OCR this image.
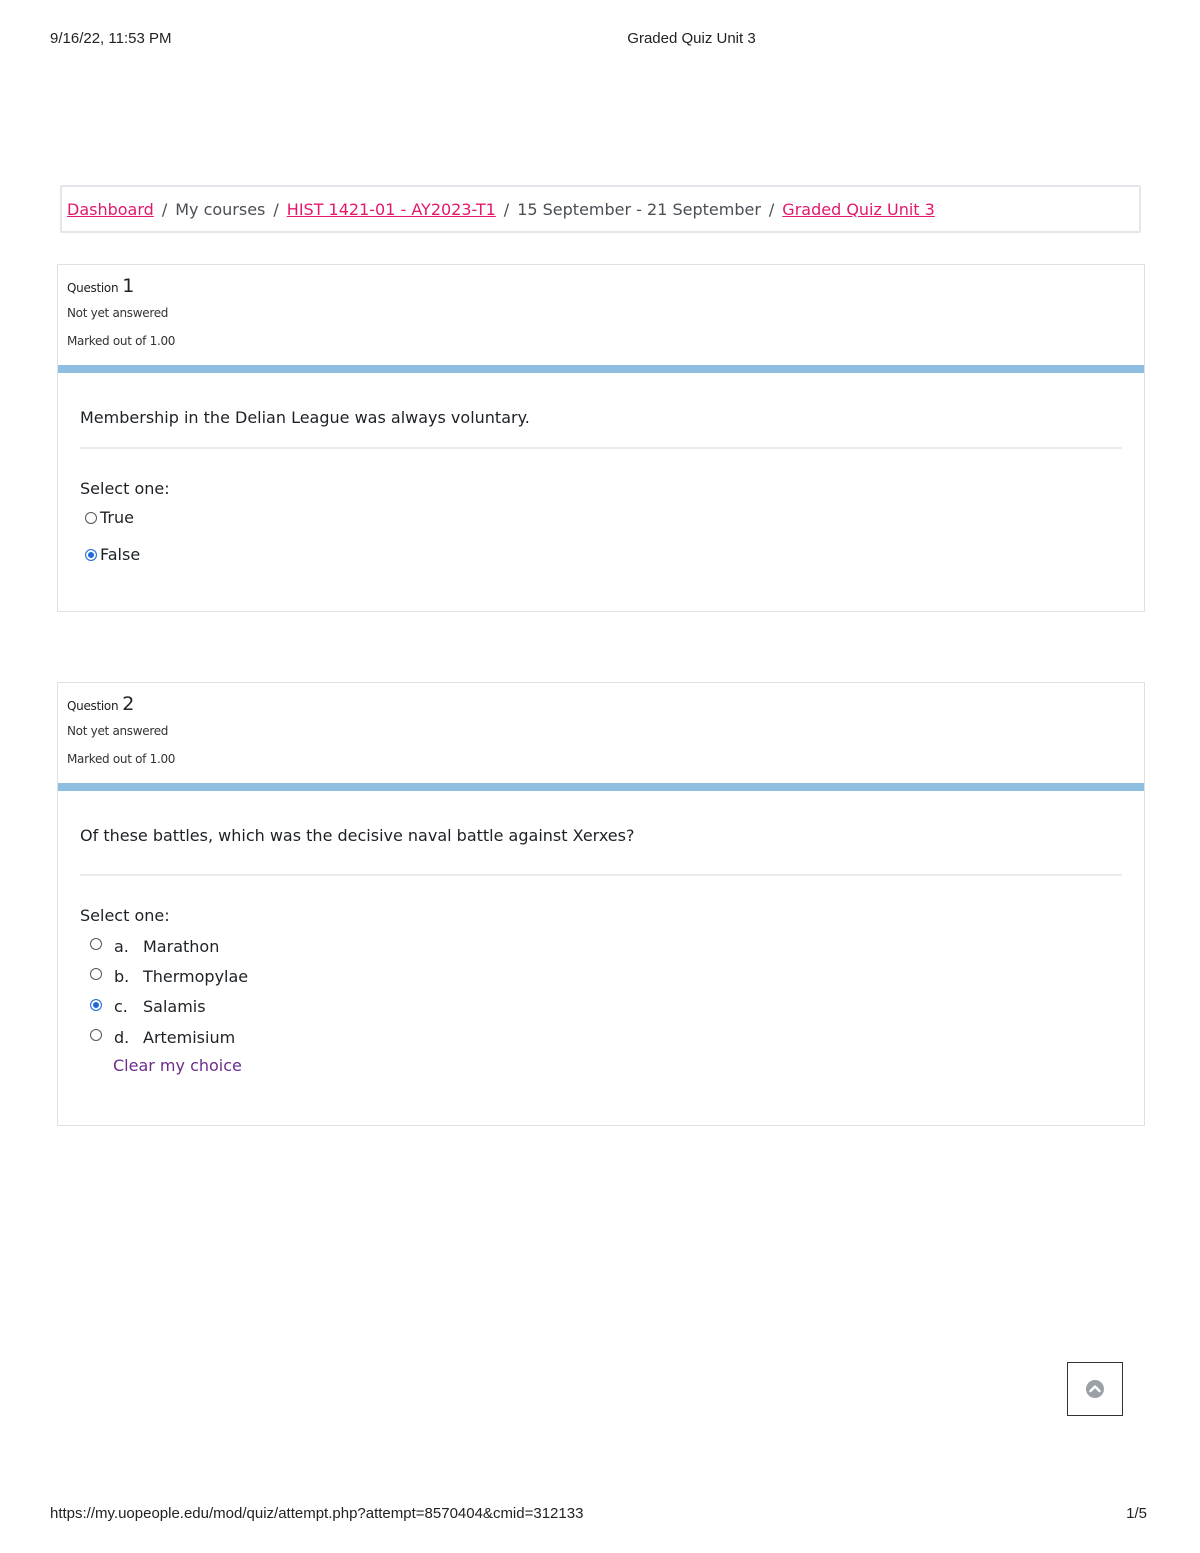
9/16/22, 11:53 PM	Graded Quiz Unit 3
Dashboard / My courses / HIST 1421-01 - AY2023-T1 / 15 September - 21 September / Graded Quiz Unit 3
Question 1
Not yet answered
Marked out of 1.00
Membership in the Delian League was always voluntary.
Select one:
True
False
Question 2
Not yet answered
Marked out of 1.00
Of these battles, which was the decisive naval battle against Xerxes?
Select one:
a. Marathon
b. Thermopylae
c. Salamis
d. Artemisium
Clear my choice
https://my.uopeople.edu/mod/quiz/attempt.php?attempt=8570404&cmid=312133	1/5
